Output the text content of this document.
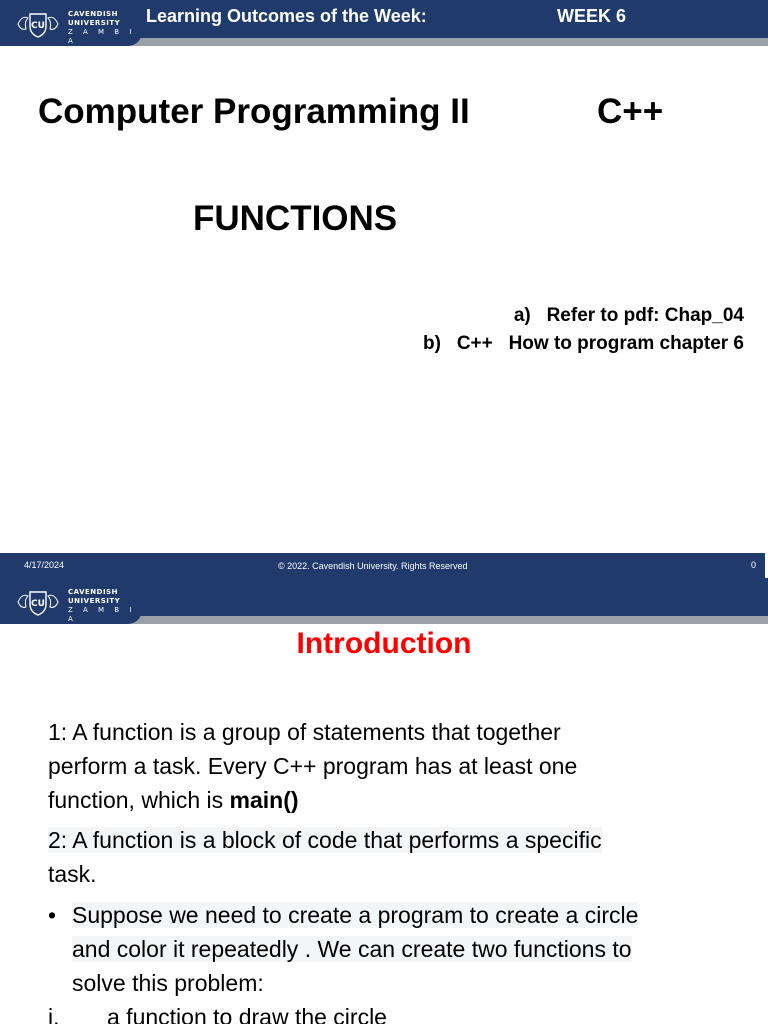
CU
CAVENDISH
UNIVERSITY
Z A M B I A
Learning Outcomes of the Week:	WEEK 6
Computer Programming II	C++
FUNCTIONS
a) Refer to pdf: Chap_04
b) C++   How to program chapter 6
4/17/2024	© 2022. Cavendish University. Rights Reserved	0
CU
CAVENDISH
UNIVERSITY
Z A M B I A
Introduction
1: A function is a group of statements that together
perform a task. Every C++ program has at least one
function, which is main()
2: A function is a block of code that performs a specific
task.
• Suppose we need to create a program to create a circle
and color it repeatedly . We can create two functions to
solve this problem:
i. a function to draw the circle
